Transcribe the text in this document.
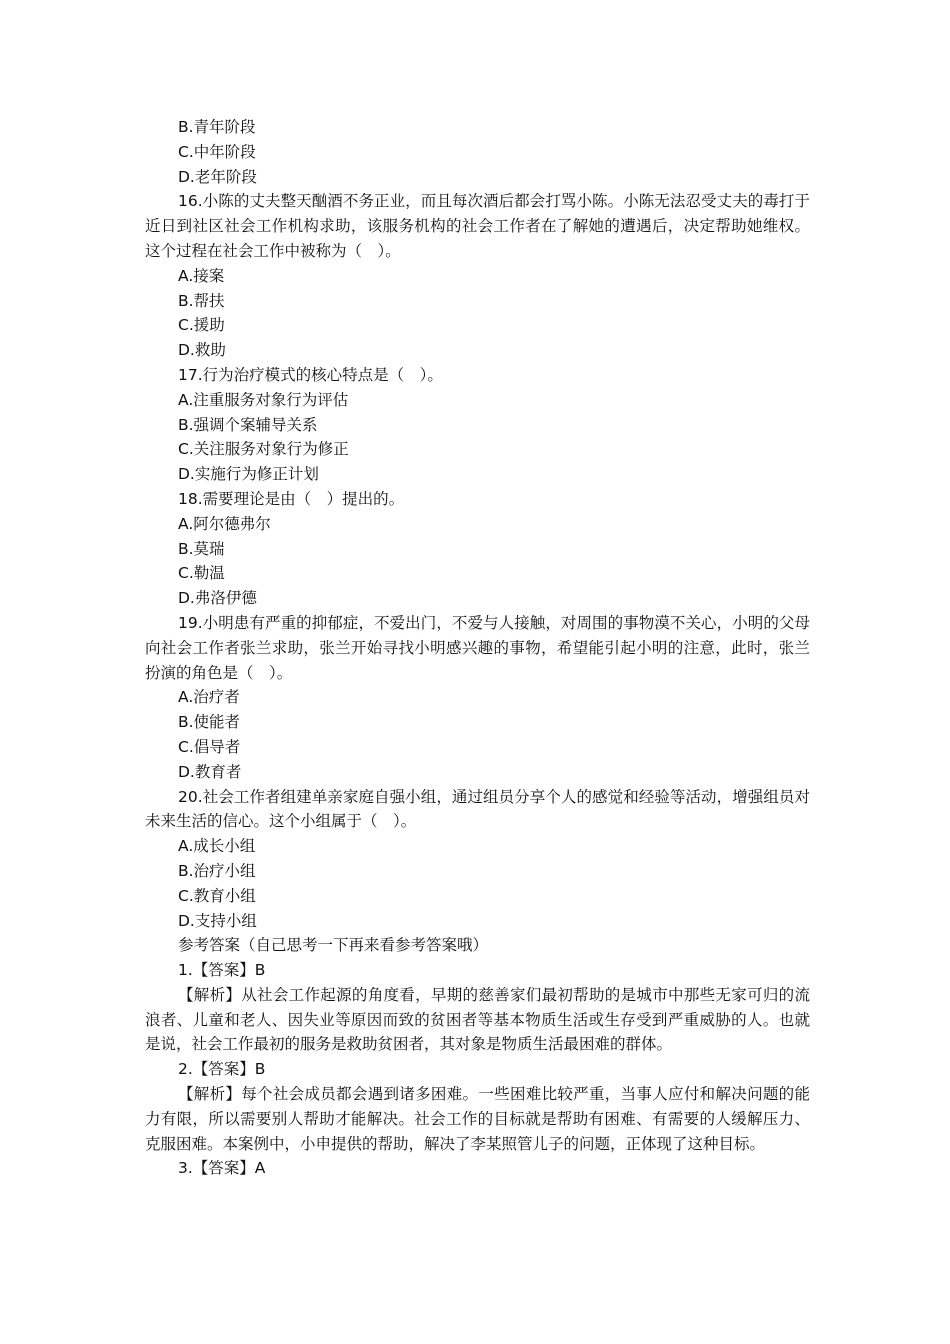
B.青年阶段

C.中年阶段

D.老年阶段

16.小陈的丈夫整天酗酒不务正业，而且每次酒后都会打骂小陈。小陈无法忍受丈夫的毒打于近日到社区社会工作机构求助，该服务机构的社会工作者在了解她的遭遇后，决定帮助她维权。这个过程在社会工作中被称为（　）。

A.接案

B.帮扶

C.援助

D.救助

17.行为治疗模式的核心特点是（　）。

A.注重服务对象行为评估

B.强调个案辅导关系

C.关注服务对象行为修正

D.实施行为修正计划

18.需要理论是由（　）提出的。

A.阿尔德弗尔

B.莫瑞

C.勒温

D.弗洛伊德

19.小明患有严重的抑郁症，不爱出门，不爱与人接触，对周围的事物漠不关心，小明的父母向社会工作者张兰求助，张兰开始寻找小明感兴趣的事物，希望能引起小明的注意，此时，张兰扮演的角色是（　）。

A.治疗者

B.使能者

C.倡导者

D.教育者

20.社会工作者组建单亲家庭自强小组，通过组员分享个人的感觉和经验等活动，增强组员对未来生活的信心。这个小组属于（　）。

A.成长小组

B.治疗小组

C.教育小组

D.支持小组

参考答案（自己思考一下再来看参考答案哦）

1.【答案】B

【解析】从社会工作起源的角度看，早期的慈善家们最初帮助的是城市中那些无家可归的流浪者、儿童和老人、因失业等原因而致的贫困者等基本物质生活或生存受到严重威胁的人。也就是说，社会工作最初的服务是救助贫困者，其对象是物质生活最困难的群体。

2.【答案】B

【解析】每个社会成员都会遇到诸多困难。一些困难比较严重，当事人应付和解决问题的能力有限，所以需要别人帮助才能解决。社会工作的目标就是帮助有困难、有需要的人缓解压力、克服困难。本案例中，小申提供的帮助，解决了李某照管儿子的问题，正体现了这种目标。

3.【答案】A
